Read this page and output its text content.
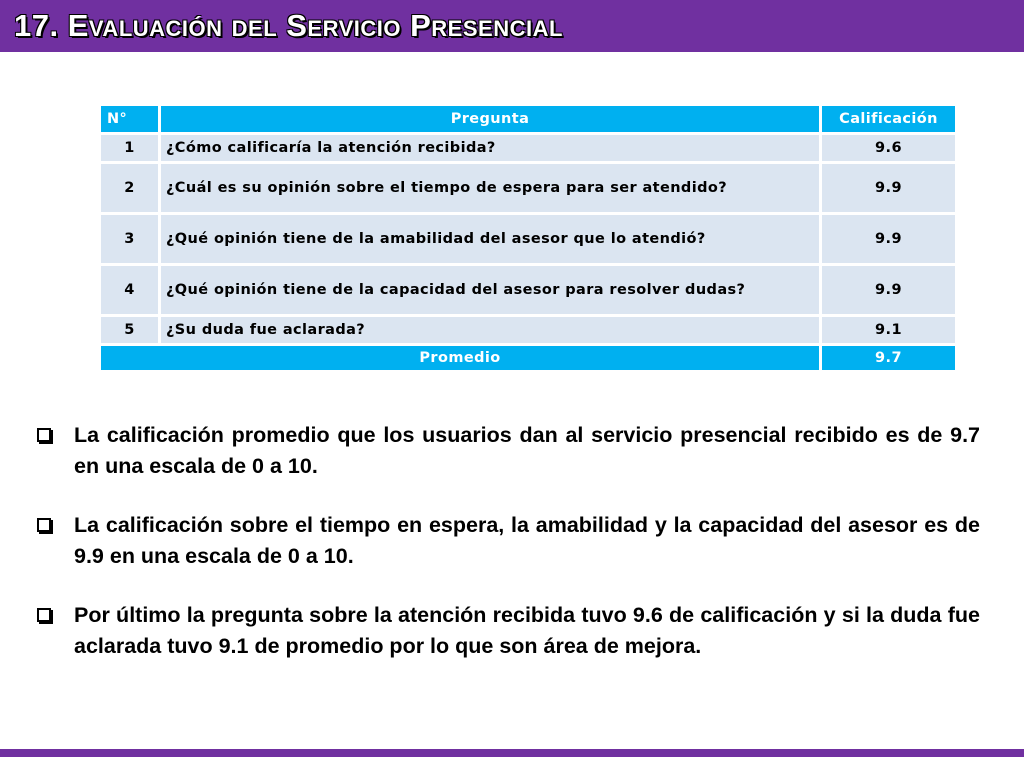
17. Evaluación del Servicio Presencial
N°	Pregunta	Calificación
1	¿Cómo calificaría la atención recibida?	9.6
2	¿Cuál es su opinión sobre el tiempo de espera para ser atendido?	9.9
3	¿Qué opinión tiene de la amabilidad del asesor que lo atendió?	9.9
4	¿Qué opinión tiene de la capacidad del asesor para resolver dudas?	9.9
5	¿Su duda fue aclarada?	9.1
Promedio		9.7
La calificación promedio que los usuarios dan al servicio presencial recibido es de 9.7 en una escala de 0 a 10.
La calificación sobre el tiempo en espera, la amabilidad y la capacidad del asesor es de 9.9 en una escala de 0 a 10.
Por último la pregunta sobre la atención recibida tuvo 9.6 de calificación y si la duda fue aclarada tuvo 9.1 de promedio por lo que son área de mejora.
